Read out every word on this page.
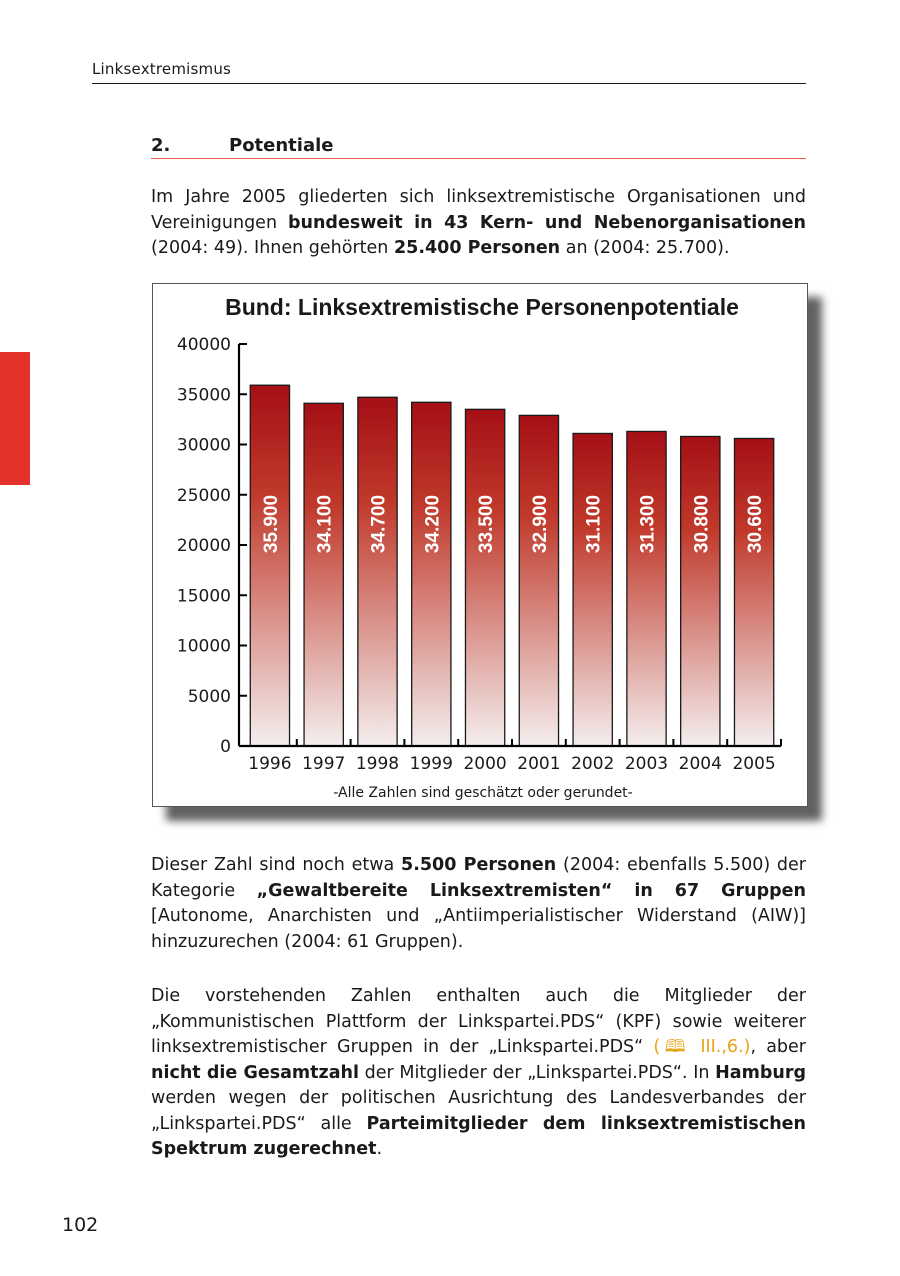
Linksextremismus
2.	Potentiale

Im Jahre 2005 gliederten sich linksextremistische Organisationen und Vereinigungen bundesweit in 43 Kern- und Nebenorganisationen (2004: 49). Ihnen gehörten 25.400 Personen an (2004: 25.700).

Bund: Linksextremistische Personenpotentiale
0
5000
10000
15000
20000
25000
30000
35000
40000
35.900 34.100 34.700 34.200 33.500 32.900 31.100 31.300 30.800 30.600
1996 1997 1998 1999 2000 2001 2002 2003 2004 2005
-Alle Zahlen sind geschätzt oder gerundet-

Dieser Zahl sind noch etwa 5.500 Personen (2004: ebenfalls 5.500) der Kategorie „Gewaltbereite Linksextremisten“ in 67 Gruppen [Autonome, Anarchisten und „Antiimperialistischer Widerstand (AIW)] hinzuzurechen (2004: 61 Gruppen).

Die vorstehenden Zahlen enthalten auch die Mitglieder der „Kommunistischen Plattform der Linkspartei.PDS“ (KPF) sowie weiterer linksextremistischer Gruppen in der „Linkspartei.PDS“ (🕮 III.,6.), aber nicht die Gesamtzahl der Mitglieder der „Linkspartei.PDS“. In Hamburg werden wegen der politischen Ausrichtung des Landesverbandes der „Linkspartei.PDS“ alle Parteimitglieder dem linksextremistischen Spektrum zugerechnet.

102
